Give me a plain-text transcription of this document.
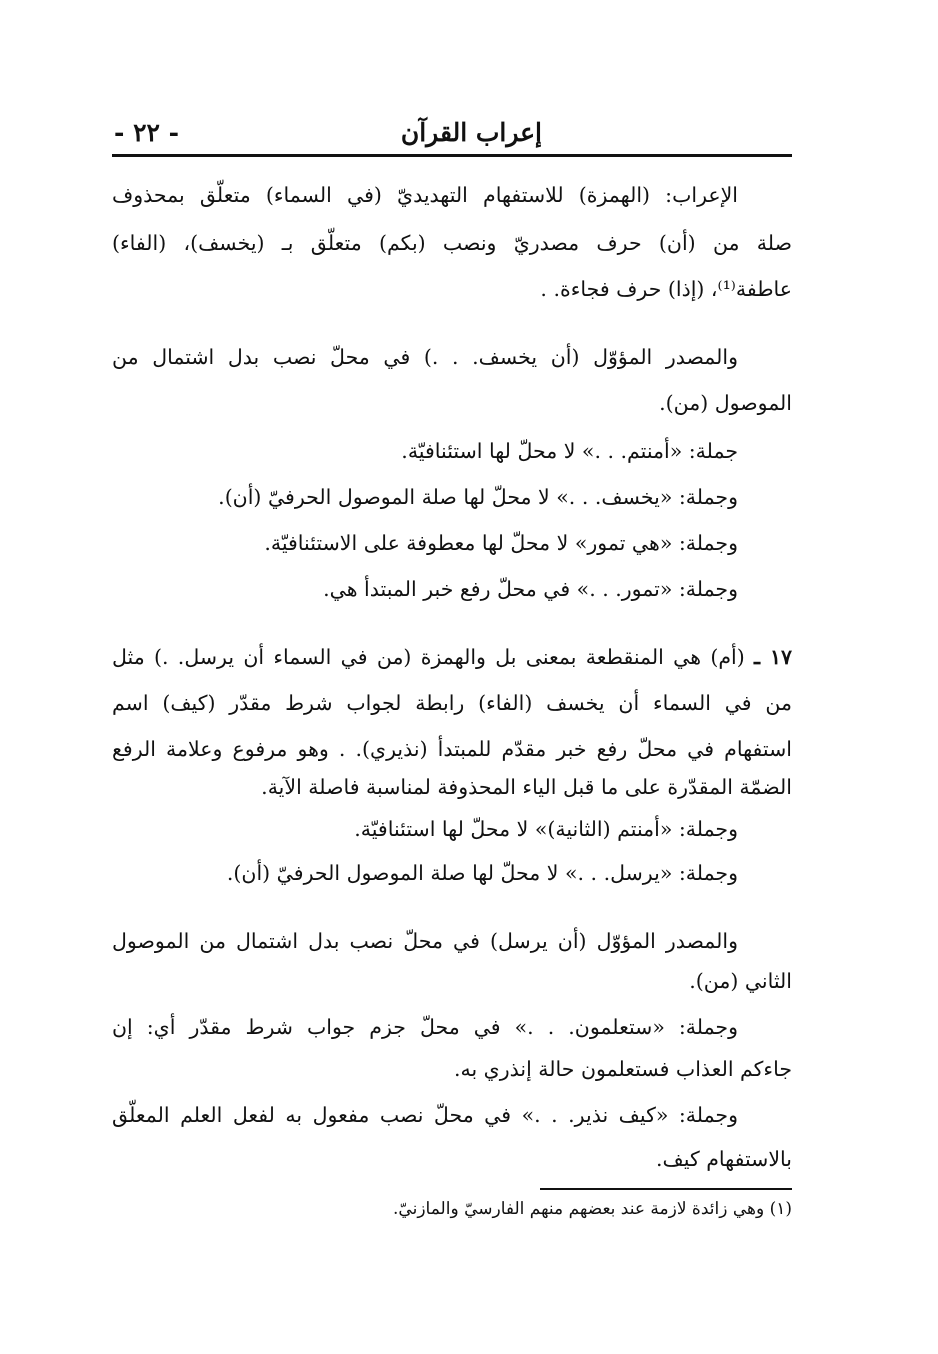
إعراب القرآن
- ٢٢ -
الإعراب: (الهمزة) للاستفهام التهديديّ (في السماء) متعلّق بمحذوف
صلة من (أن) حرف مصدريّ ونصب (بكم) متعلّق بـ (يخسف)، (الفاء)
عاطفة⁽¹⁾، (إذا) حرف فجاءة. .
والمصدر المؤوّل (أن يخسف. . .) في محلّ نصب بدل اشتمال من
الموصول (من).
جملة: «أمنتم. . .» لا محلّ لها استئنافيّة.
وجملة: «يخسف. . .» لا محلّ لها صلة الموصول الحرفيّ (أن).
وجملة: «هي تمور» لا محلّ لها معطوفة على الاستئنافيّة.
وجملة: «تمور. . .» في محلّ رفع خبر المبتدأ هي.
١٧ ـ (أم) هي المنقطعة بمعنى بل والهمزة (من في السماء أن يرسل. .) مثل
من في السماء أن يخسف (الفاء) رابطة لجواب شرط مقدّر (كيف) اسم
استفهام في محلّ رفع خبر مقدّم للمبتدأ (نذيري). . وهو مرفوع وعلامة الرفع
الضمّة المقدّرة على ما قبل الياء المحذوفة لمناسبة فاصلة الآية.
وجملة: «أمنتم (الثانية)» لا محلّ لها استئنافيّة.
وجملة: «يرسل. . .» لا محلّ لها صلة الموصول الحرفيّ (أن).
والمصدر المؤوّل (أن يرسل) في محلّ نصب بدل اشتمال من الموصول
الثاني (من).
وجملة: «ستعلمون. . .» في محلّ جزم جواب شرط مقدّر أي: إن
جاءكم العذاب فستعلمون حالة إنذري به.
وجملة: «كيف نذير. . .» في محلّ نصب مفعول به لفعل العلم المعلّق
بالاستفهام كيف.
(١) وهي زائدة لازمة عند بعضهم منهم الفارسيّ والمازنيّ.
